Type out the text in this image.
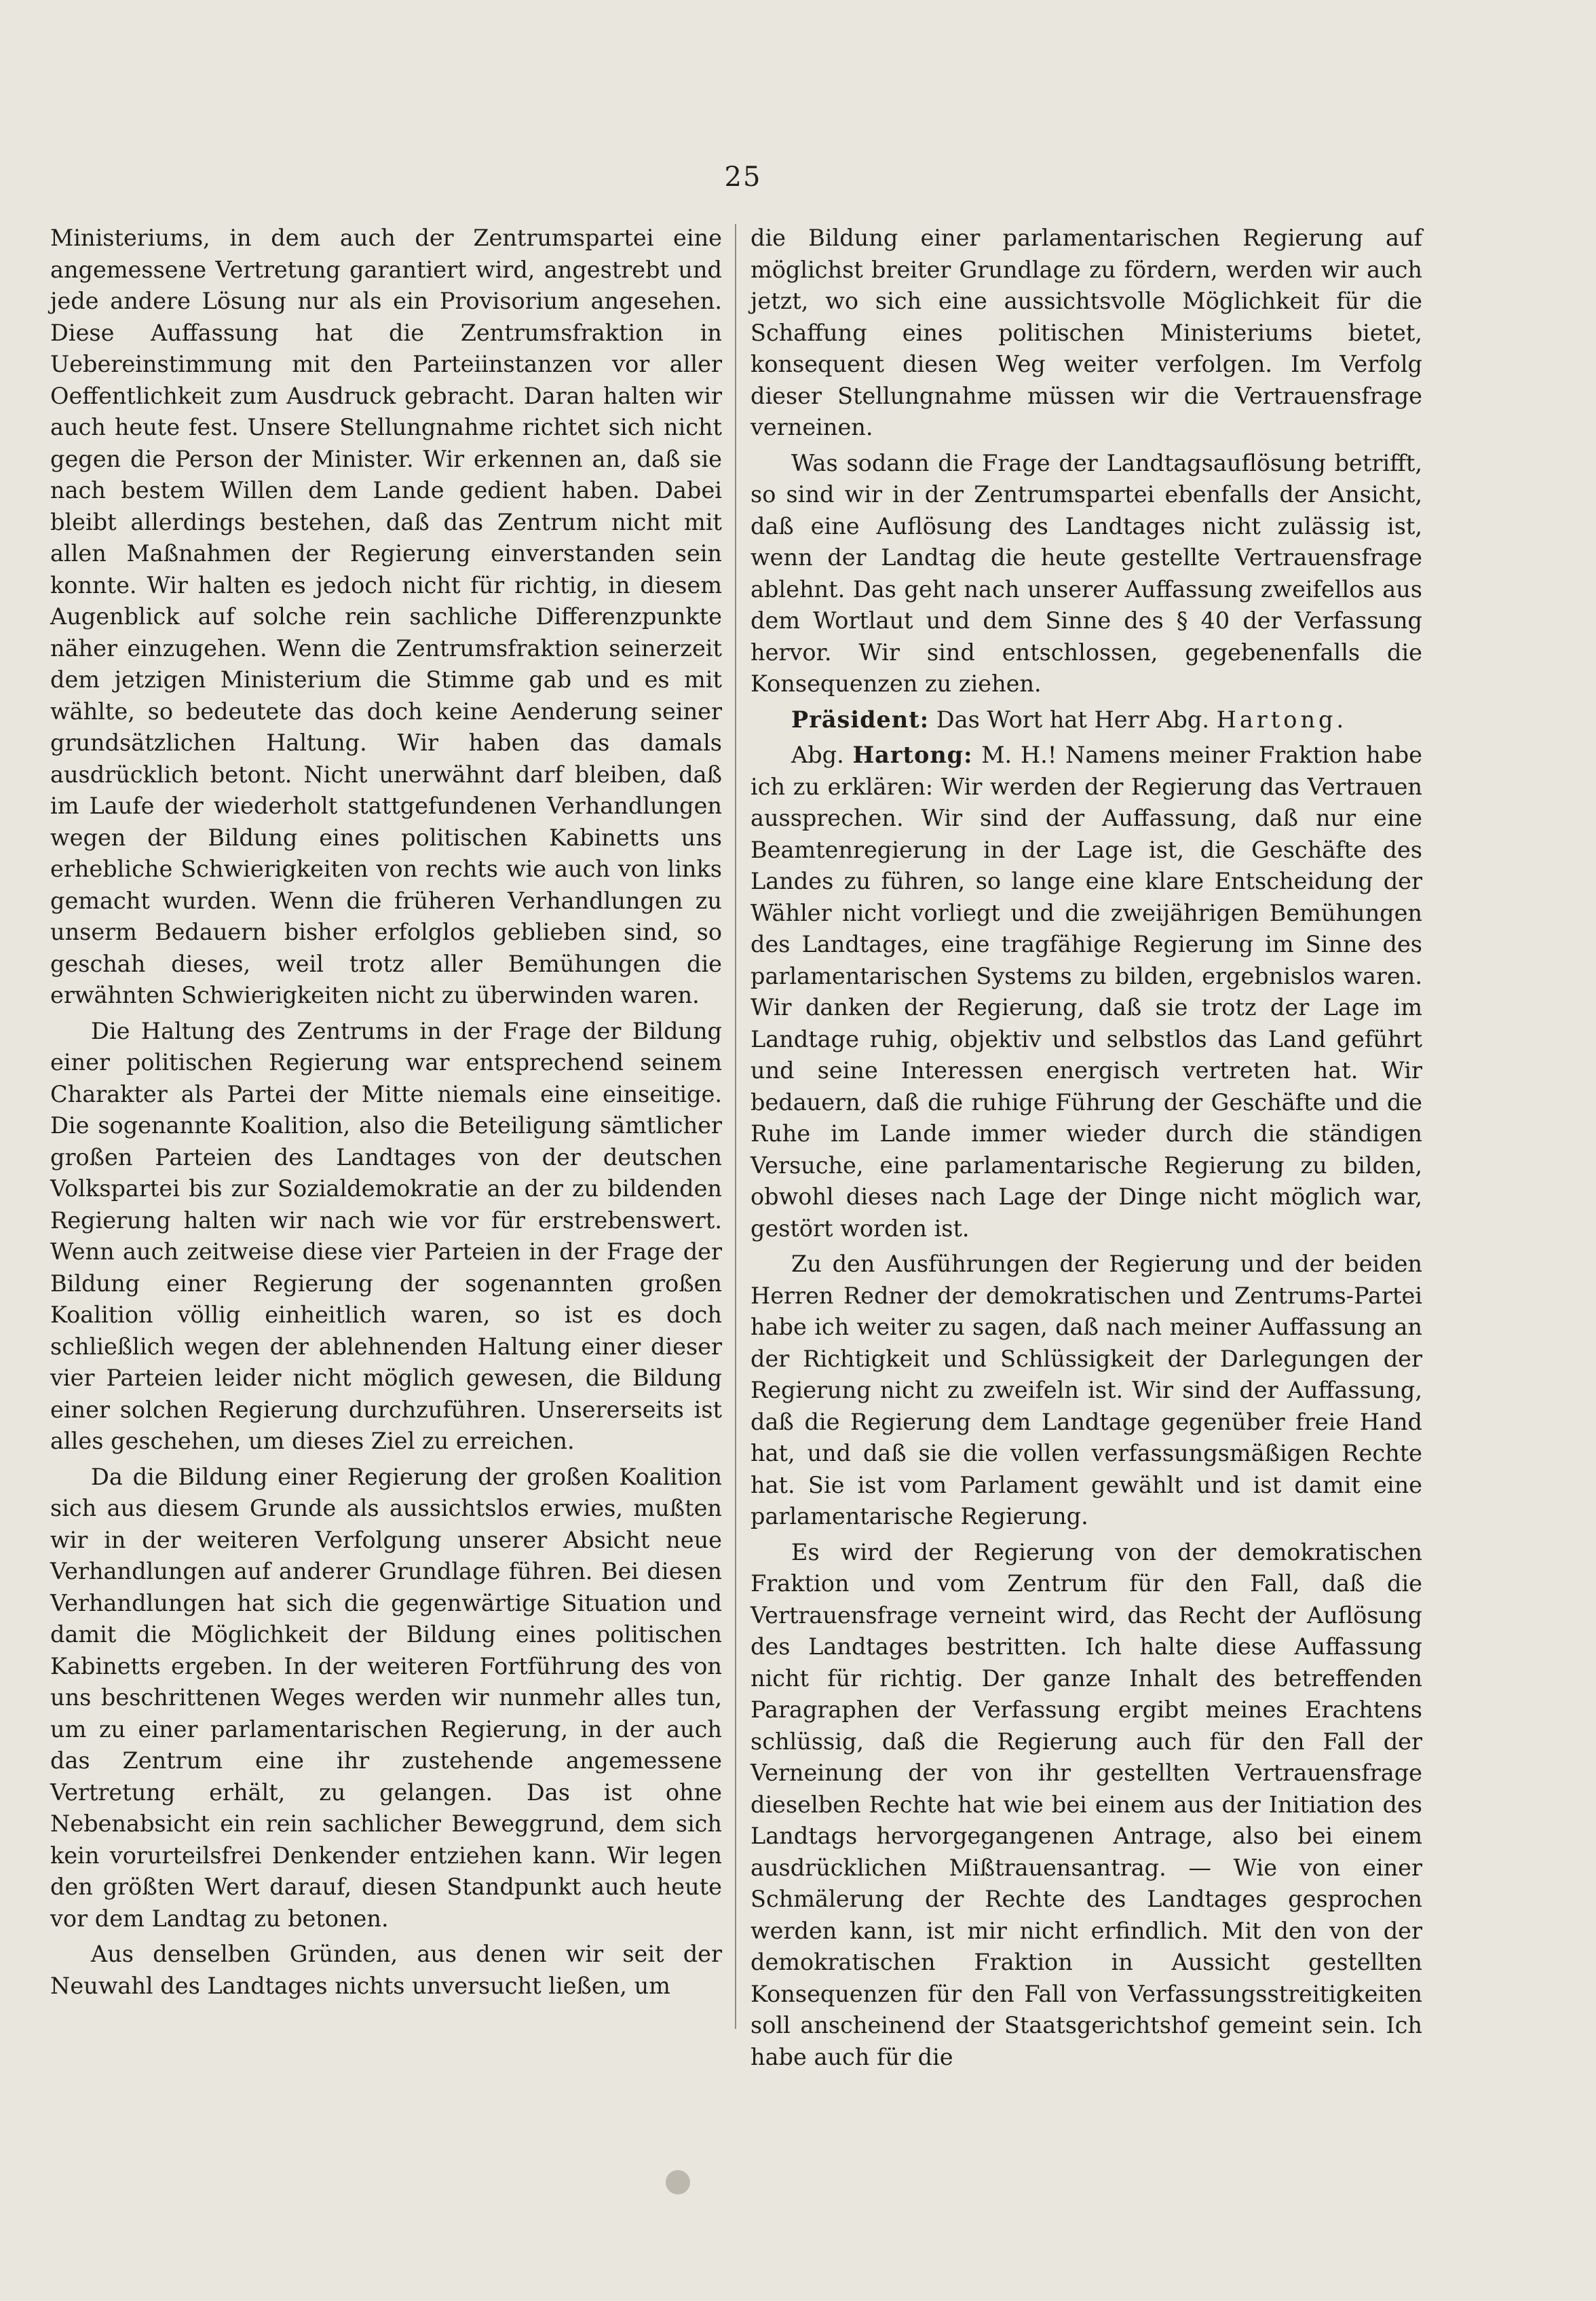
25

Ministeriums, in dem auch der Zentrumspartei eine angemessene Vertretung garantiert wird, angestrebt und jede andere Lösung nur als ein Provisorium angesehen. Diese Auffassung hat die Zentrumsfraktion in Uebereinstimmung mit den Parteiinstanzen vor aller Oeffentlichkeit zum Ausdruck gebracht. Daran halten wir auch heute fest. Unsere Stellungnahme richtet sich nicht gegen die Person der Minister. Wir erkennen an, daß sie nach bestem Willen dem Lande gedient haben. Dabei bleibt allerdings bestehen, daß das Zentrum nicht mit allen Maßnahmen der Regierung einverstanden sein konnte. Wir halten es jedoch nicht für richtig, in diesem Augenblick auf solche rein sachliche Differenzpunkte näher einzugehen. Wenn die Zentrumsfraktion seinerzeit dem jetzigen Ministerium die Stimme gab und es mit wählte, so bedeutete das doch keine Aenderung seiner grundsätzlichen Haltung. Wir haben das damals ausdrücklich betont. Nicht unerwähnt darf bleiben, daß im Laufe der wiederholt stattgefundenen Verhandlungen wegen der Bildung eines politischen Kabinetts uns erhebliche Schwierigkeiten von rechts wie auch von links gemacht wurden. Wenn die früheren Verhandlungen zu unserm Bedauern bisher erfolglos geblieben sind, so geschah dieses, weil trotz aller Bemühungen die erwähnten Schwierigkeiten nicht zu überwinden waren.

Die Haltung des Zentrums in der Frage der Bildung einer politischen Regierung war entsprechend seinem Charakter als Partei der Mitte niemals eine einseitige. Die sogenannte Koalition, also die Beteiligung sämtlicher großen Parteien des Landtages von der deutschen Volkspartei bis zur Sozialdemokratie an der zu bildenden Regierung halten wir nach wie vor für erstrebenswert. Wenn auch zeitweise diese vier Parteien in der Frage der Bildung einer Regierung der sogenannten großen Koalition völlig einheitlich waren, so ist es doch schließlich wegen der ablehnenden Haltung einer dieser vier Parteien leider nicht möglich gewesen, die Bildung einer solchen Regierung durchzuführen. Unsererseits ist alles geschehen, um dieses Ziel zu erreichen.

Da die Bildung einer Regierung der großen Koalition sich aus diesem Grunde als aussichtslos erwies, mußten wir in der weiteren Verfolgung unserer Absicht neue Verhandlungen auf anderer Grundlage führen. Bei diesen Verhandlungen hat sich die gegenwärtige Situation und damit die Möglichkeit der Bildung eines politischen Kabinetts ergeben. In der weiteren Fortführung des von uns beschrittenen Weges werden wir nunmehr alles tun, um zu einer parlamentarischen Regierung, in der auch das Zentrum eine ihr zustehende angemessene Vertretung erhält, zu gelangen. Das ist ohne Nebenabsicht ein rein sachlicher Beweggrund, dem sich kein vorurteilsfrei Denkender entziehen kann. Wir legen den größten Wert darauf, diesen Standpunkt auch heute vor dem Landtag zu betonen.

Aus denselben Gründen, aus denen wir seit der Neuwahl des Landtages nichts unversucht ließen, um

die Bildung einer parlamentarischen Regierung auf möglichst breiter Grundlage zu fördern, werden wir auch jetzt, wo sich eine aussichtsvolle Möglichkeit für die Schaffung eines politischen Ministeriums bietet, konsequent diesen Weg weiter verfolgen. Im Verfolg dieser Stellungnahme müssen wir die Vertrauensfrage verneinen.

Was sodann die Frage der Landtagsauflösung betrifft, so sind wir in der Zentrumspartei ebenfalls der Ansicht, daß eine Auflösung des Landtages nicht zulässig ist, wenn der Landtag die heute gestellte Vertrauensfrage ablehnt. Das geht nach unserer Auffassung zweifellos aus dem Wortlaut und dem Sinne des § 40 der Verfassung hervor. Wir sind entschlossen, gegebenenfalls die Konsequenzen zu ziehen.

Präsident: Das Wort hat Herr Abg. Hartong.

Abg. Hartong: M. H.! Namens meiner Fraktion habe ich zu erklären: Wir werden der Regierung das Vertrauen aussprechen. Wir sind der Auffassung, daß nur eine Beamtenregierung in der Lage ist, die Geschäfte des Landes zu führen, so lange eine klare Entscheidung der Wähler nicht vorliegt und die zweijährigen Bemühungen des Landtages, eine tragfähige Regierung im Sinne des parlamentarischen Systems zu bilden, ergebnislos waren. Wir danken der Regierung, daß sie trotz der Lage im Landtage ruhig, objektiv und selbstlos das Land geführt und seine Interessen energisch vertreten hat. Wir bedauern, daß die ruhige Führung der Geschäfte und die Ruhe im Lande immer wieder durch die ständigen Versuche, eine parlamentarische Regierung zu bilden, obwohl dieses nach Lage der Dinge nicht möglich war, gestört worden ist.

Zu den Ausführungen der Regierung und der beiden Herren Redner der demokratischen und Zentrums-Partei habe ich weiter zu sagen, daß nach meiner Auffassung an der Richtigkeit und Schlüssigkeit der Darlegungen der Regierung nicht zu zweifeln ist. Wir sind der Auffassung, daß die Regierung dem Landtage gegenüber freie Hand hat, und daß sie die vollen verfassungsmäßigen Rechte hat. Sie ist vom Parlament gewählt und ist damit eine parlamentarische Regierung.

Es wird der Regierung von der demokratischen Fraktion und vom Zentrum für den Fall, daß die Vertrauensfrage verneint wird, das Recht der Auflösung des Landtages bestritten. Ich halte diese Auffassung nicht für richtig. Der ganze Inhalt des betreffenden Paragraphen der Verfassung ergibt meines Erachtens schlüssig, daß die Regierung auch für den Fall der Verneinung der von ihr gestellten Vertrauensfrage dieselben Rechte hat wie bei einem aus der Initiation des Landtags hervorgegangenen Antrage, also bei einem ausdrücklichen Mißtrauensantrag. — Wie von einer Schmälerung der Rechte des Landtages gesprochen werden kann, ist mir nicht erfindlich. Mit den von der demokratischen Fraktion in Aussicht gestellten Konsequenzen für den Fall von Verfassungsstreitigkeiten soll anscheinend der Staatsgerichtshof gemeint sein. Ich habe auch für die
